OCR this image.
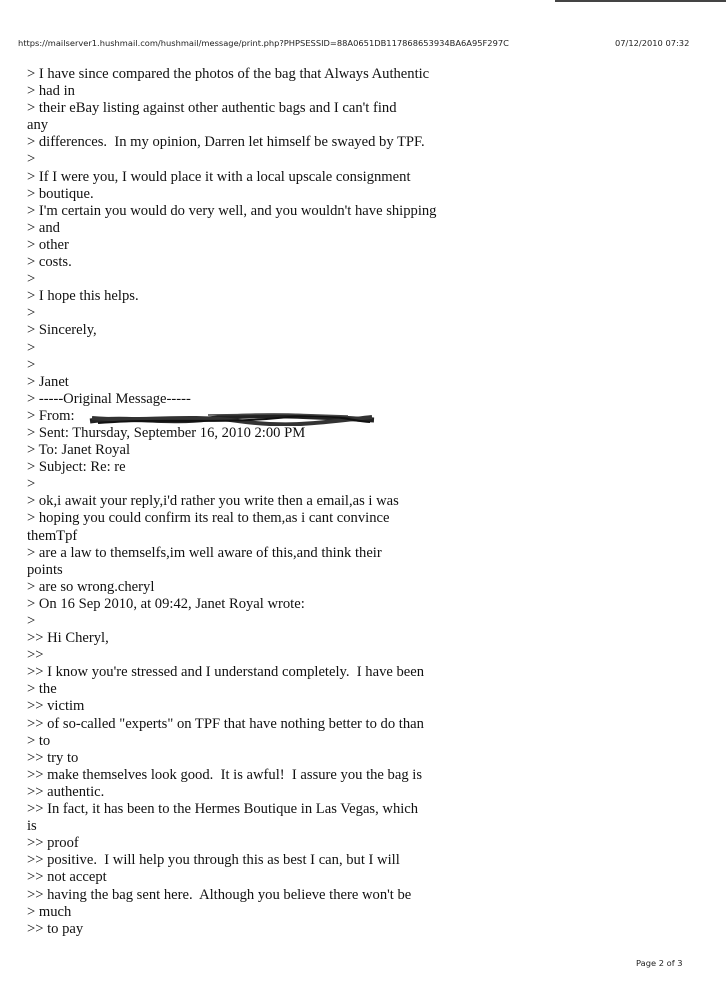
https://mailserver1.hushmail.com/hushmail/message/print.php?PHPSESSID=88A0651DB117868653934BA6A95F297C	07/12/2010 07:32
> I have since compared the photos of the bag that Always Authentic
> had in
> their eBay listing against other authentic bags and I can't find
any
> differences.  In my opinion, Darren let himself be swayed by TPF.
>
> If I were you, I would place it with a local upscale consignment
> boutique.
> I'm certain you would do very well, and you wouldn't have shipping
> and
> other
> costs.
>
> I hope this helps.
>
> Sincerely,
>
>
> Janet
> -----Original Message-----
> From:
> Sent: Thursday, September 16, 2010 2:00 PM
> To: Janet Royal
> Subject: Re: re
>
> ok,i await your reply,i'd rather you write then a email,as i was
> hoping you could confirm its real to them,as i cant convince
themTpf
> are a law to themselfs,im well aware of this,and think their
points
> are so wrong.cheryl
> On 16 Sep 2010, at 09:42, Janet Royal wrote:
>
>> Hi Cheryl,
>>
>> I know you're stressed and I understand completely.  I have been
> the
>> victim
>> of so-called "experts" on TPF that have nothing better to do than
> to
>> try to
>> make themselves look good.  It is awful!  I assure you the bag is
>> authentic.
>> In fact, it has been to the Hermes Boutique in Las Vegas, which
is
>> proof
>> positive.  I will help you through this as best I can, but I will
>> not accept
>> having the bag sent here.  Although you believe there won't be
> much
>> to pay
Page 2 of 3
